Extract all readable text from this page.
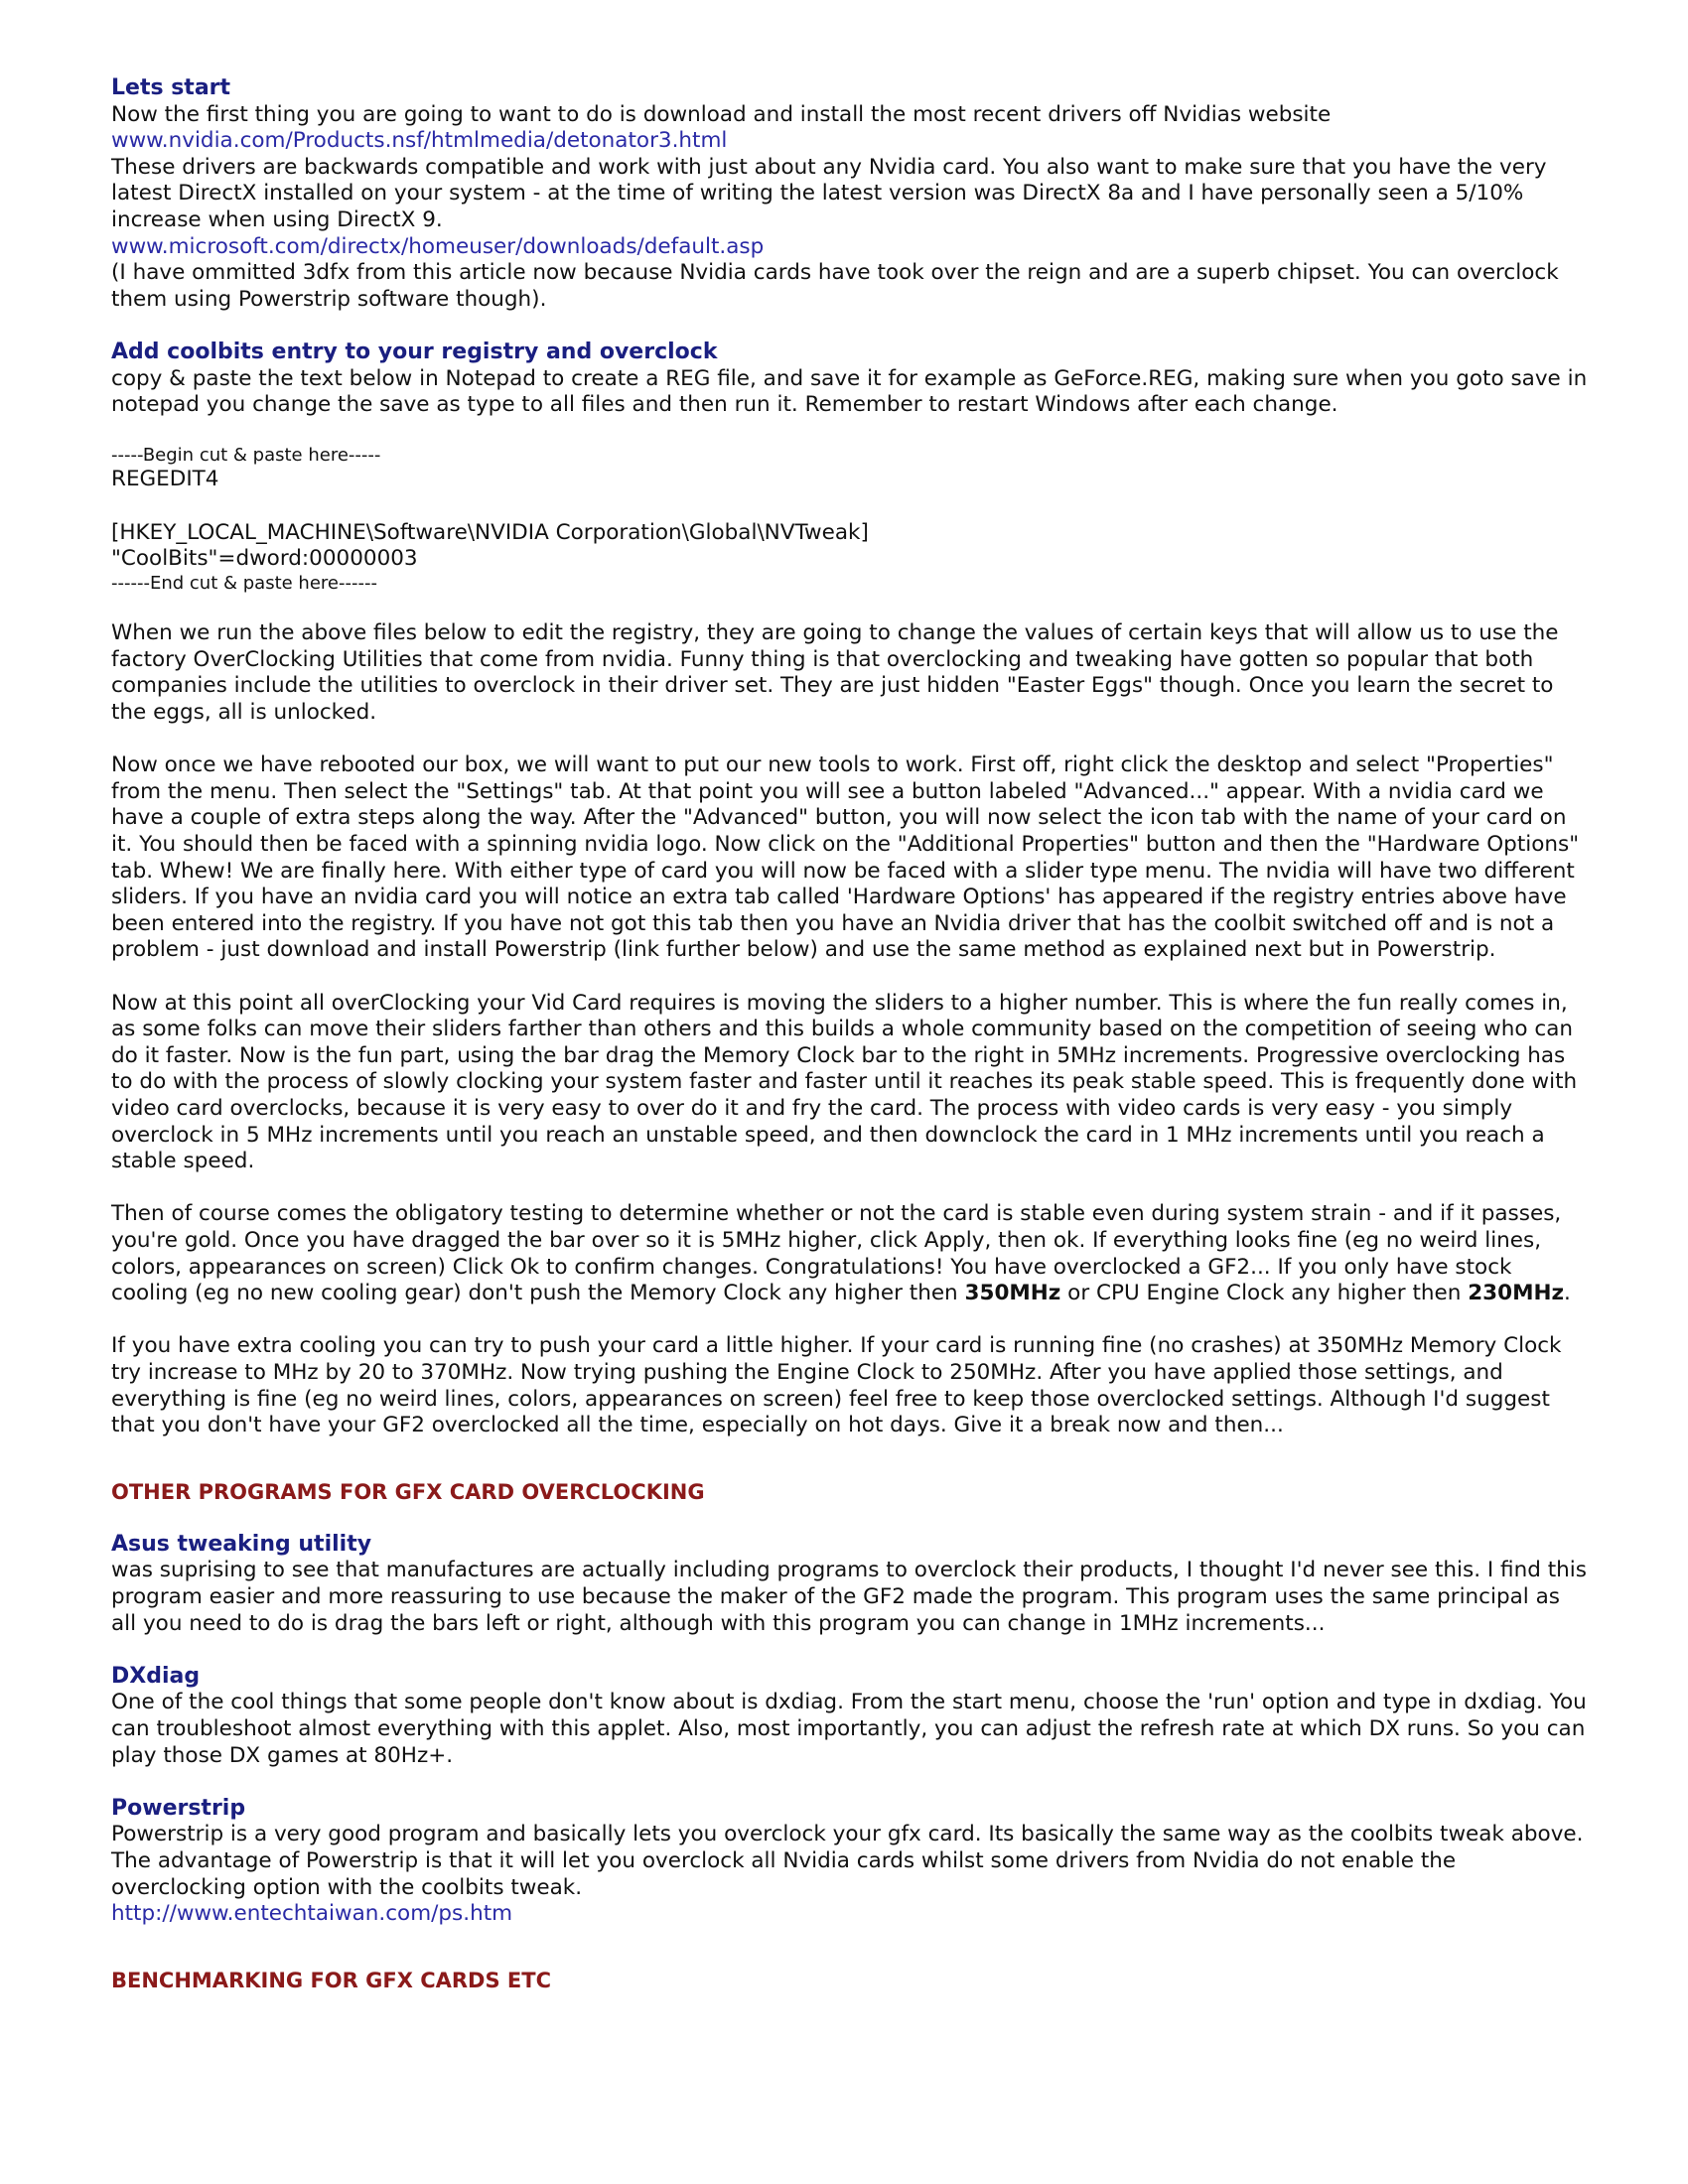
Lets start
Now the first thing you are going to want to do is download and install the most recent drivers off Nvidias website
www.nvidia.com/Products.nsf/htmlmedia/detonator3.html
These drivers are backwards compatible and work with just about any Nvidia card. You also want to make sure that you have the very latest DirectX installed on your system - at the time of writing the latest version was DirectX 8a and I have personally seen a 5/10% increase when using DirectX 9.
www.microsoft.com/directx/homeuser/downloads/default.asp
(I have ommitted 3dfx from this article now because Nvidia cards have took over the reign and are a superb chipset. You can overclock them using Powerstrip software though).
Add coolbits entry to your registry and overclock
copy & paste the text below in Notepad to create a REG file, and save it for example as GeForce.REG, making sure when you goto save in notepad you change the save as type to all files and then run it. Remember to restart Windows after each change.
-----Begin cut & paste here-----
REGEDIT4
[HKEY_LOCAL_MACHINE\Software\NVIDIA Corporation\Global\NVTweak]
"CoolBits"=dword:00000003
------End cut & paste here------
When we run the above files below to edit the registry, they are going to change the values of certain keys that will allow us to use the factory OverClocking Utilities that come from nvidia. Funny thing is that overclocking and tweaking have gotten so popular that both companies include the utilities to overclock in their driver set. They are just hidden "Easter Eggs" though. Once you learn the secret to the eggs, all is unlocked.
Now once we have rebooted our box, we will want to put our new tools to work. First off, right click the desktop and select "Properties" from the menu. Then select the "Settings" tab. At that point you will see a button labeled "Advanced..." appear. With a nvidia card we have a couple of extra steps along the way. After the "Advanced" button, you will now select the icon tab with the name of your card on it. You should then be faced with a spinning nvidia logo. Now click on the "Additional Properties" button and then the "Hardware Options" tab. Whew! We are finally here. With either type of card you will now be faced with a slider type menu. The nvidia will have two different sliders. If you have an nvidia card you will notice an extra tab called 'Hardware Options' has appeared if the registry entries above have been entered into the registry. If you have not got this tab then you have an Nvidia driver that has the coolbit switched off and is not a problem - just download and install Powerstrip (link further below) and use the same method as explained next but in Powerstrip.
Now at this point all overClocking your Vid Card requires is moving the sliders to a higher number. This is where the fun really comes in, as some folks can move their sliders farther than others and this builds a whole community based on the competition of seeing who can do it faster. Now is the fun part, using the bar drag the Memory Clock bar to the right in 5MHz increments. Progressive overclocking has to do with the process of slowly clocking your system faster and faster until it reaches its peak stable speed. This is frequently done with video card overclocks, because it is very easy to over do it and fry the card. The process with video cards is very easy - you simply overclock in 5 MHz increments until you reach an unstable speed, and then downclock the card in 1 MHz increments until you reach a stable speed.
Then of course comes the obligatory testing to determine whether or not the card is stable even during system strain - and if it passes, you're gold. Once you have dragged the bar over so it is 5MHz higher, click Apply, then ok. If everything looks fine (eg no weird lines, colors, appearances on screen) Click Ok to confirm changes. Congratulations! You have overclocked a GF2... If you only have stock cooling (eg no new cooling gear) don't push the Memory Clock any higher then 350MHz or CPU Engine Clock any higher then 230MHz.
If you have extra cooling you can try to push your card a little higher. If your card is running fine (no crashes) at 350MHz Memory Clock try increase to MHz by 20 to 370MHz. Now trying pushing the Engine Clock to 250MHz. After you have applied those settings, and everything is fine (eg no weird lines, colors, appearances on screen) feel free to keep those overclocked settings. Although I'd suggest that you don't have your GF2 overclocked all the time, especially on hot days. Give it a break now and then...
OTHER PROGRAMS FOR GFX CARD OVERCLOCKING
Asus tweaking utility
was suprising to see that manufactures are actually including programs to overclock their products, I thought I'd never see this. I find this program easier and more reassuring to use because the maker of the GF2 made the program. This program uses the same principal as all you need to do is drag the bars left or right, although with this program you can change in 1MHz increments...
DXdiag
One of the cool things that some people don't know about is dxdiag. From the start menu, choose the 'run' option and type in dxdiag. You can troubleshoot almost everything with this applet. Also, most importantly, you can adjust the refresh rate at which DX runs. So you can play those DX games at 80Hz+.
Powerstrip
Powerstrip is a very good program and basically lets you overclock your gfx card. Its basically the same way as the coolbits tweak above. The advantage of Powerstrip is that it will let you overclock all Nvidia cards whilst some drivers from Nvidia do not enable the overclocking option with the coolbits tweak.
http://www.entechtaiwan.com/ps.htm
BENCHMARKING FOR GFX CARDS ETC
